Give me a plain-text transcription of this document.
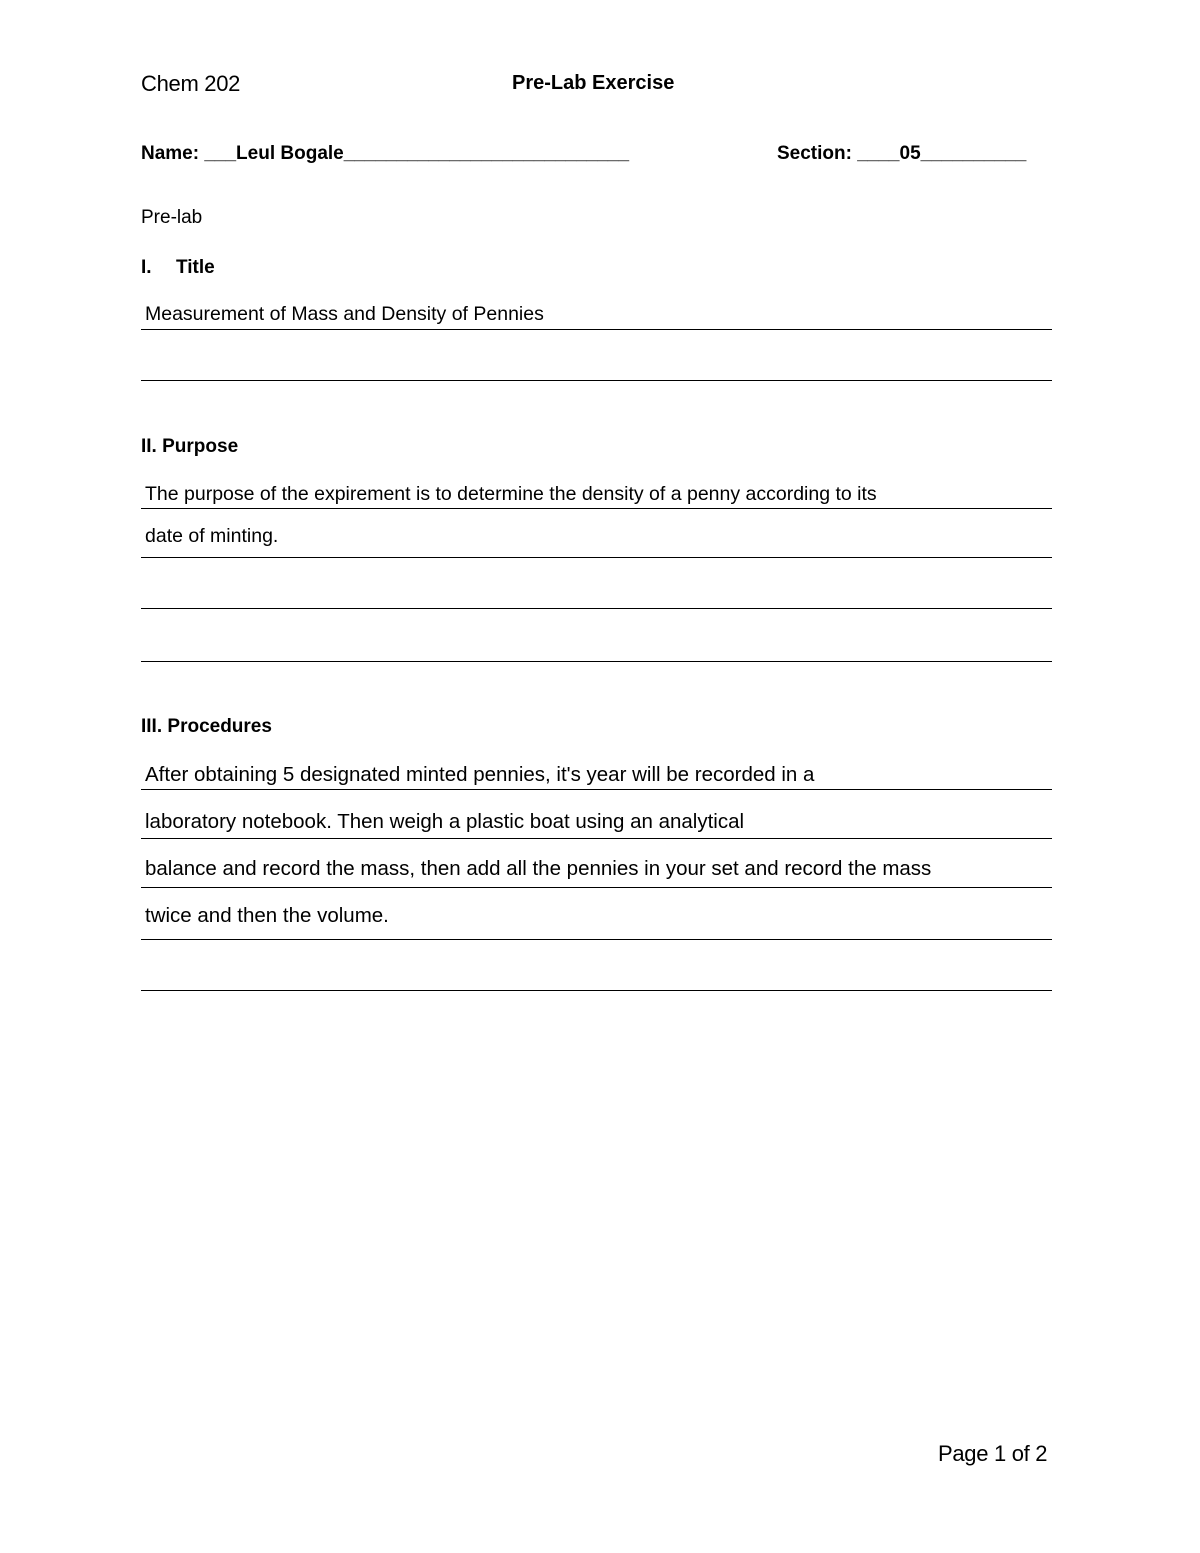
Chem 202	Pre-Lab Exercise
Name: ___Leul Bogale___________________________	Section: ____05__________
Pre-lab
I. Title
Measurement of Mass and Density of Pennies
II. Purpose
The purpose of the expirement is to determine the density of a penny according to its
date of minting.
III. Procedures
After obtaining 5 designated minted pennies, it's year will be recorded in a
laboratory notebook. Then weigh a plastic boat using an analytical
balance and record the mass, then add all the pennies in your set and record the mass
twice and then the volume.
Page 1 of 2
